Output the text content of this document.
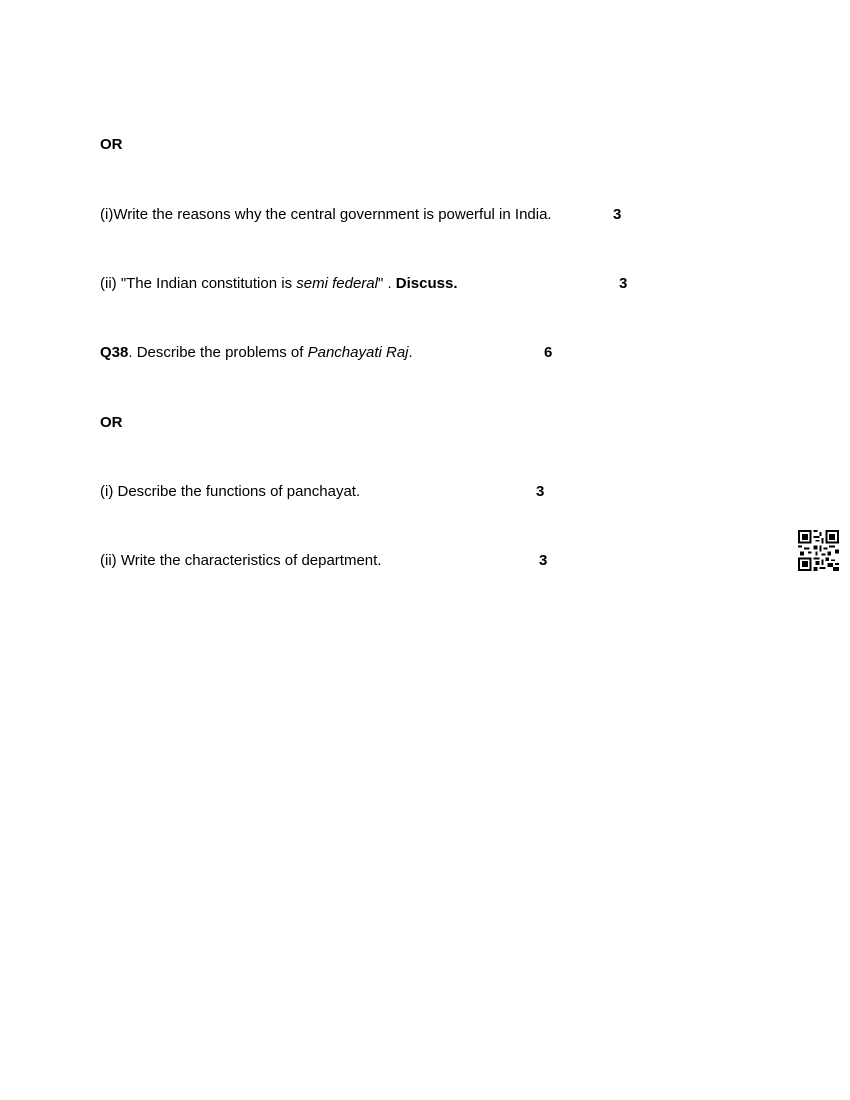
OR
(i)Write the reasons why the central government is powerful in India.	3
(ii) "The Indian constitution is semi federal" . Discuss.	3
Q38. Describe the problems of Panchayati Raj.	6
OR
(i) Describe the functions of panchayat.	3
(ii) Write the characteristics of department.	3
